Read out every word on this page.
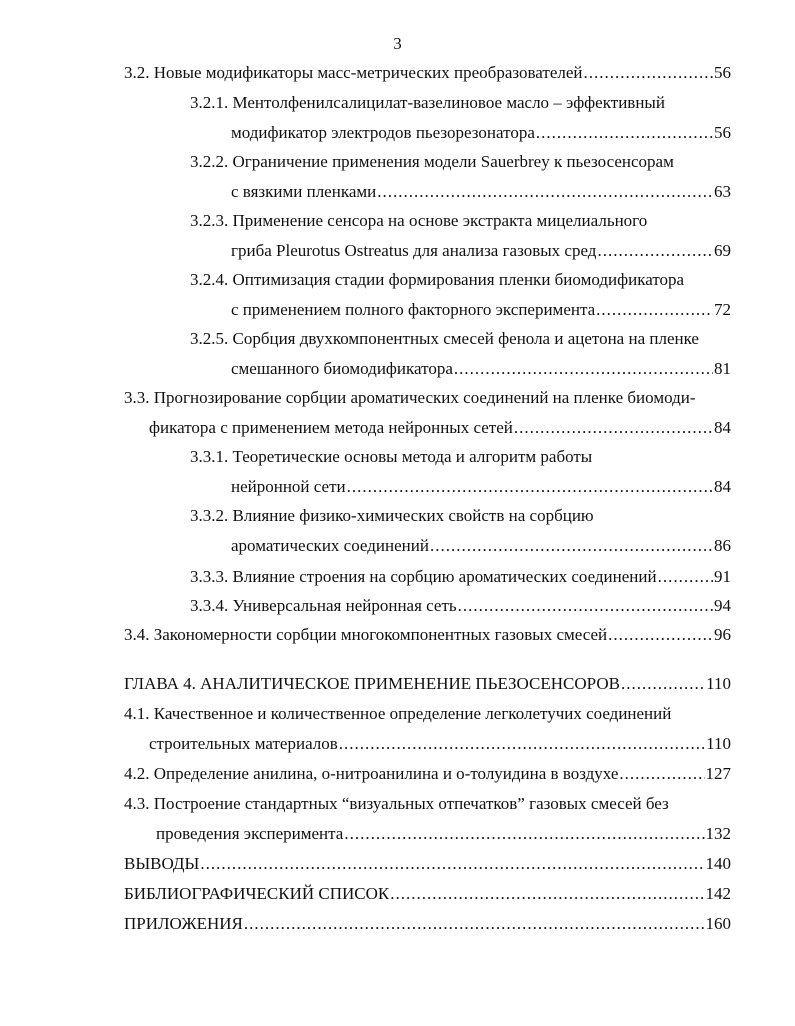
3
3.2. Новые модификаторы масс-метрических преобразователей .....	56
3.2.1. Ментолфенилсалицилат-вазелиновое масло – эффективный
модификатор электродов пьезорезонатора .....	56
3.2.2. Ограничение применения модели Sauerbrey к пьезосенсорам
с вязкими пленками .....	63
3.2.3. Применение сенсора на основе экстракта мицелиального
гриба Pleurotus Ostreatus для анализа газовых сред .....	69
3.2.4. Оптимизация стадии формирования пленки биомодификатора
с применением полного факторного эксперимента .....	72
3.2.5. Сорбция двухкомпонентных смесей фенола и ацетона на пленке
смешанного биомодификатора .....	81
3.3. Прогнозирование сорбции ароматических соединений на пленке биомоди-
фикатора с применением метода нейронных сетей .....	84
3.3.1. Теоретические основы метода и алгоритм работы
нейронной сети .....	84
3.3.2. Влияние физико-химических свойств на сорбцию
ароматических соединений .....	86
3.3.3. Влияние строения на сорбцию ароматических соединений .....	91
3.3.4. Универсальная нейронная сеть .....	94
3.4. Закономерности сорбции многокомпонентных газовых смесей .....	96
ГЛАВА 4. АНАЛИТИЧЕСКОЕ ПРИМЕНЕНИЕ ПЬЕЗОСЕНСОРОВ .....	110
4.1. Качественное и количественное определение легколетучих соединений
строительных материалов .....	110
4.2. Определение анилина, о-нитроанилина и о-толуидина в воздухе .....	127
4.3. Построение стандартных “визуальных отпечатков” газовых смесей без
проведения эксперимента .....	132
ВЫВОДЫ .....	140
БИБЛИОГРАФИЧЕСКИЙ СПИСОК .....	142
ПРИЛОЖЕНИЯ .....	160
